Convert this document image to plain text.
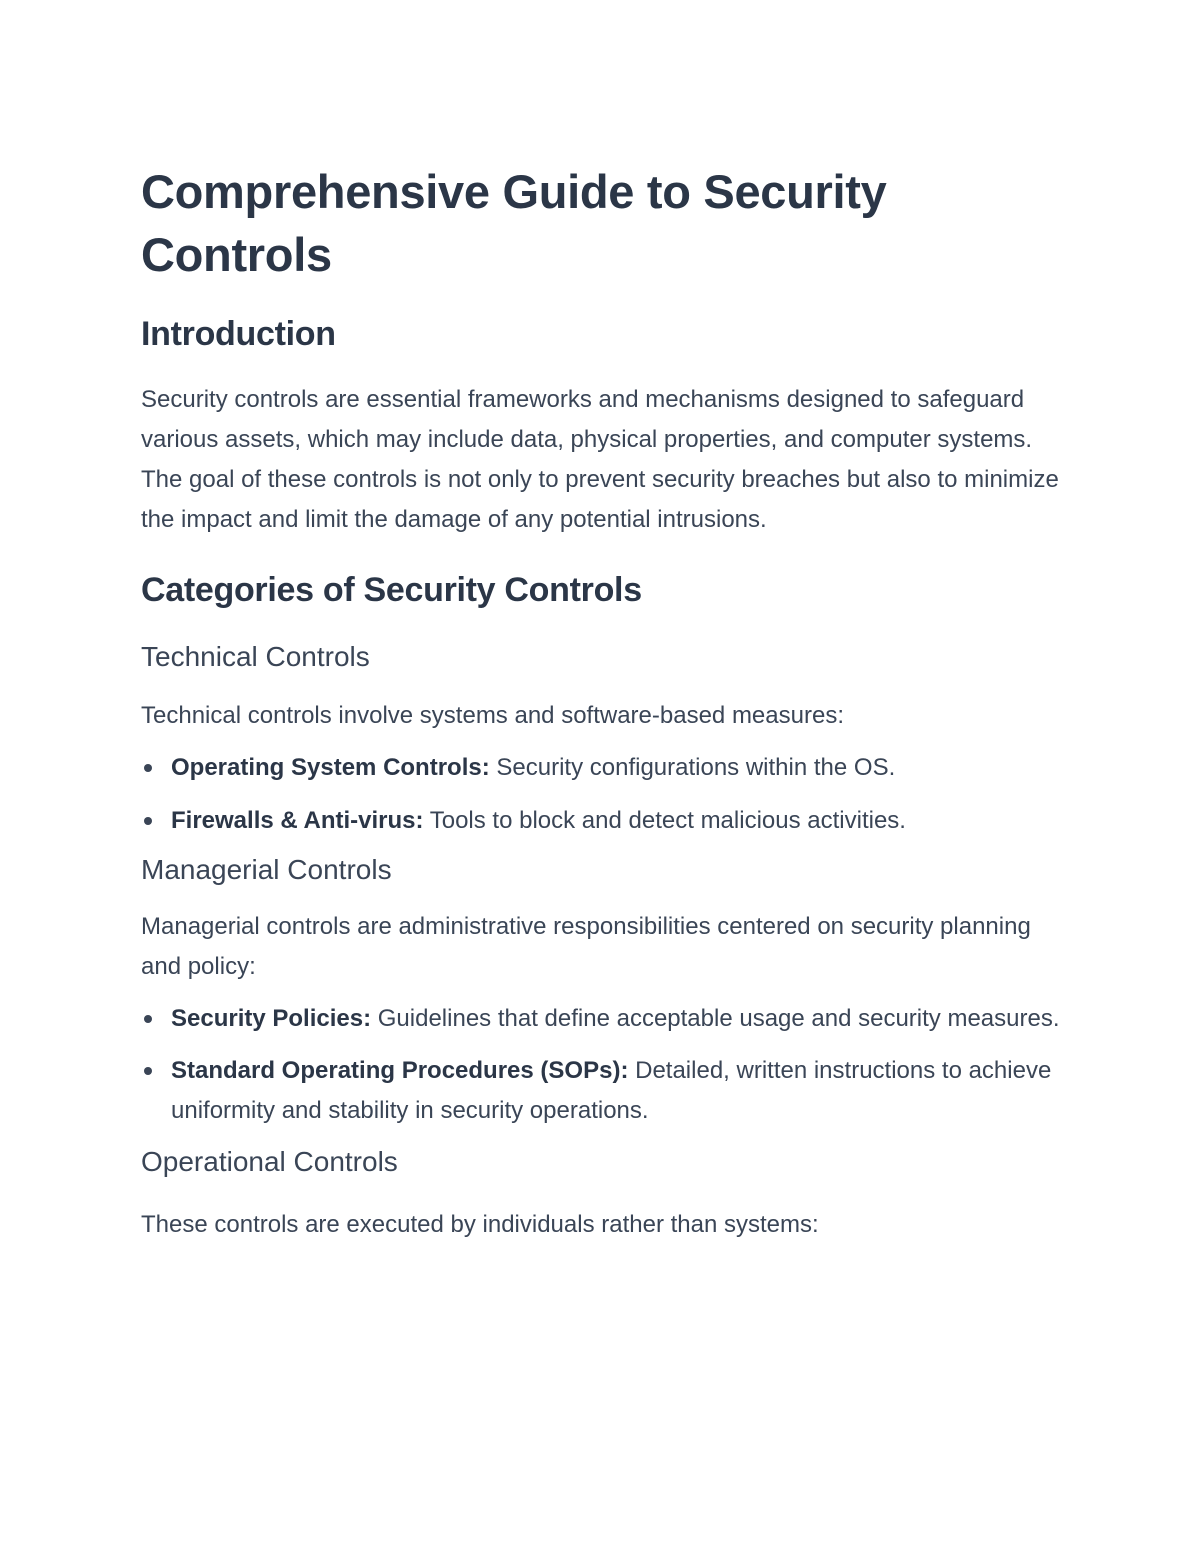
Comprehensive Guide to Security Controls
Introduction

Security controls are essential frameworks and mechanisms designed to safeguard various assets, which may include data, physical properties, and computer systems. The goal of these controls is not only to prevent security breaches but also to minimize the impact and limit the damage of any potential intrusions.

Categories of Security Controls
Technical Controls

Technical controls involve systems and software-based measures:

Operating System Controls: Security configurations within the OS.
Firewalls & Anti-virus: Tools to block and detect malicious activities.
Managerial Controls

Managerial controls are administrative responsibilities centered on security planning and policy:

Security Policies: Guidelines that define acceptable usage and security measures.
Standard Operating Procedures (SOPs): Detailed, written instructions to achieve uniformity and stability in security operations.
Operational Controls

These controls are executed by individuals rather than systems:
